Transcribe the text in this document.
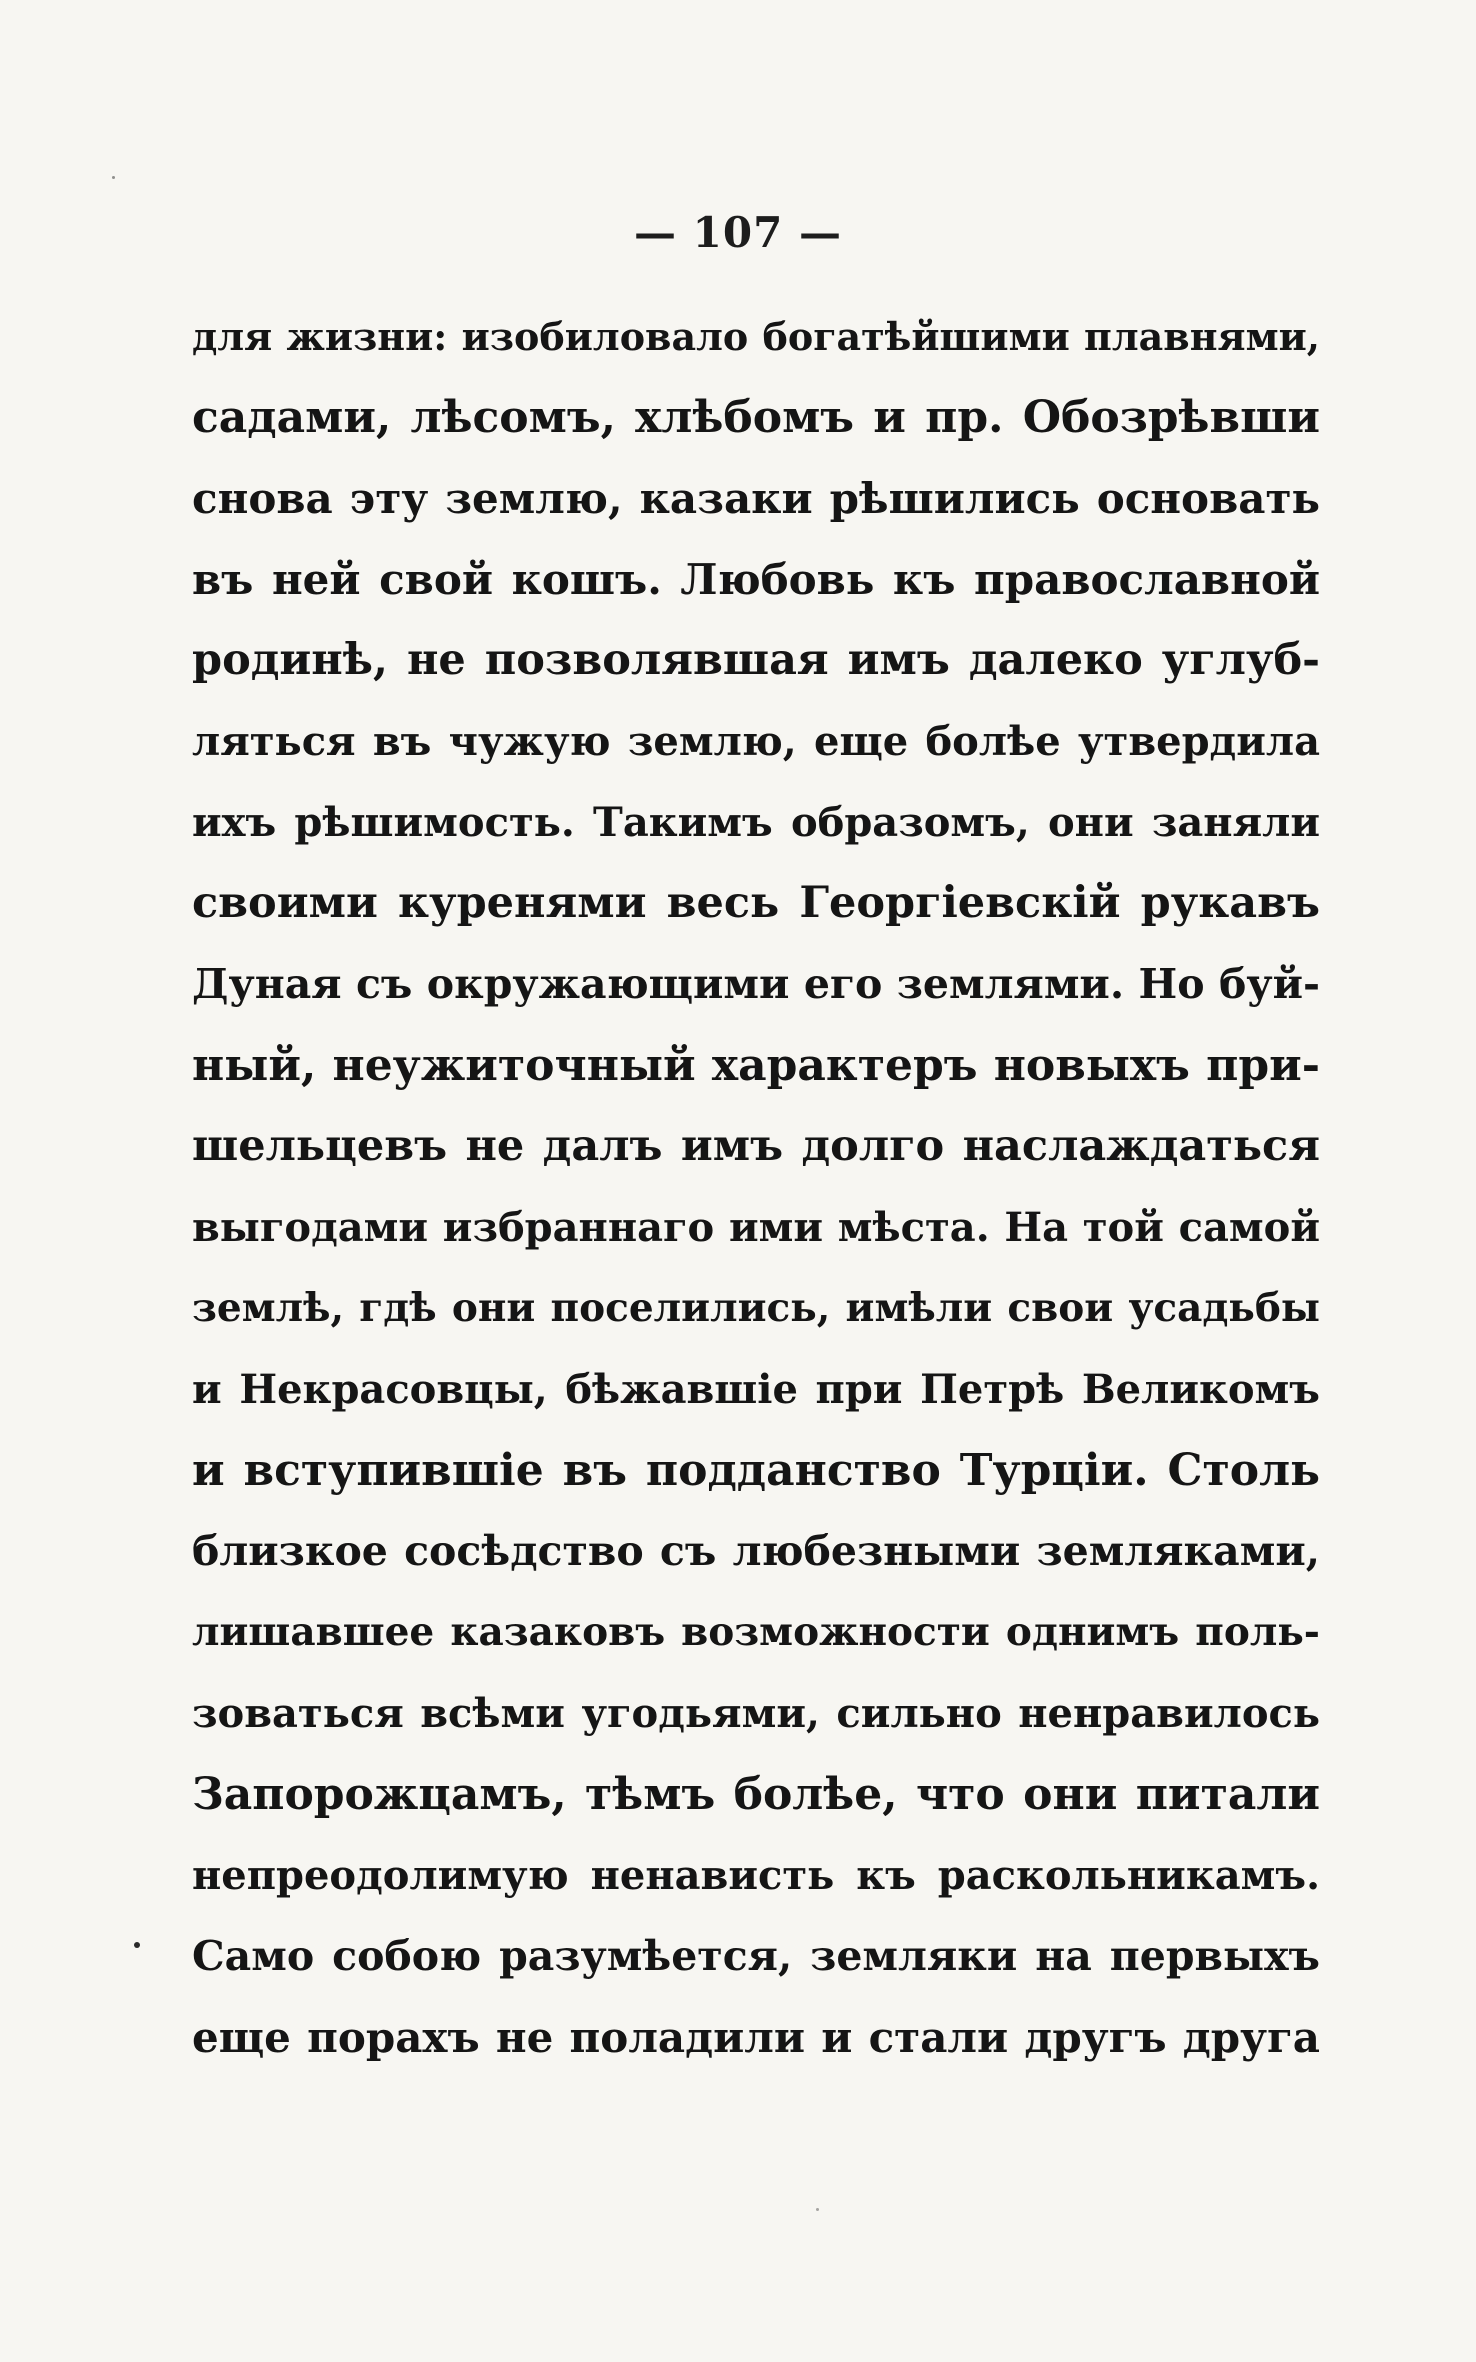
— 107 —
для жизни: изобиловало богатѣйшими плавнями,
садами, лѣсомъ, хлѣбомъ и пр. Обозрѣвши
снова эту землю, казаки рѣшились основать
въ ней свой кошъ. Любовь къ православной
родинѣ, не позволявшая имъ далеко углуб-
ляться въ чужую землю, еще болѣе утвердила
ихъ рѣшимость. Такимъ образомъ, они заняли
своими куренями весь Георгіевскій рукавъ
Дуная съ окружающими его землями. Но буй-
ный, неужиточный характеръ новыхъ при-
шельцевъ не далъ имъ долго наслаждаться
выгодами избраннаго ими мѣста. На той самой
землѣ, гдѣ они поселились, имѣли свои усадьбы
и Некрасовцы, бѣжавшіе при Петрѣ Великомъ
и вступившіе въ подданство Турціи. Столь
близкое сосѣдство съ любезными земляками,
лишавшее казаковъ возможности однимъ поль-
зоваться всѣми угодьями, сильно ненравилось
Запорожцамъ, тѣмъ болѣе, что они питали
непреодолимую ненависть къ раскольникамъ.
Само собою разумѣется, земляки на первыхъ
еще порахъ не поладили и стали другъ друга
